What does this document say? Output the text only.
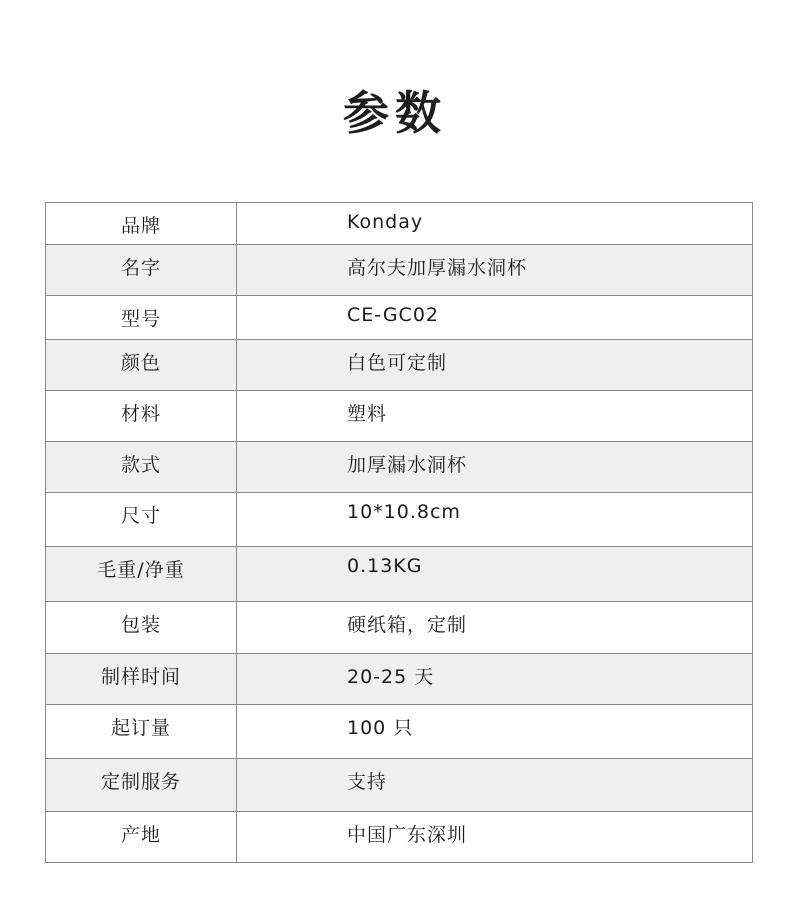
参数
品牌	Konday
名字	高尔夫加厚漏水洞杯
型号	CE-GC02
颜色	白色可定制
材料	塑料
款式	加厚漏水洞杯
尺寸	10*10.8cm
毛重/净重	0.13KG
包装	硬纸箱，定制
制样时间	20-25 天
起订量	100 只
定制服务	支持
产地	中国广东深圳
